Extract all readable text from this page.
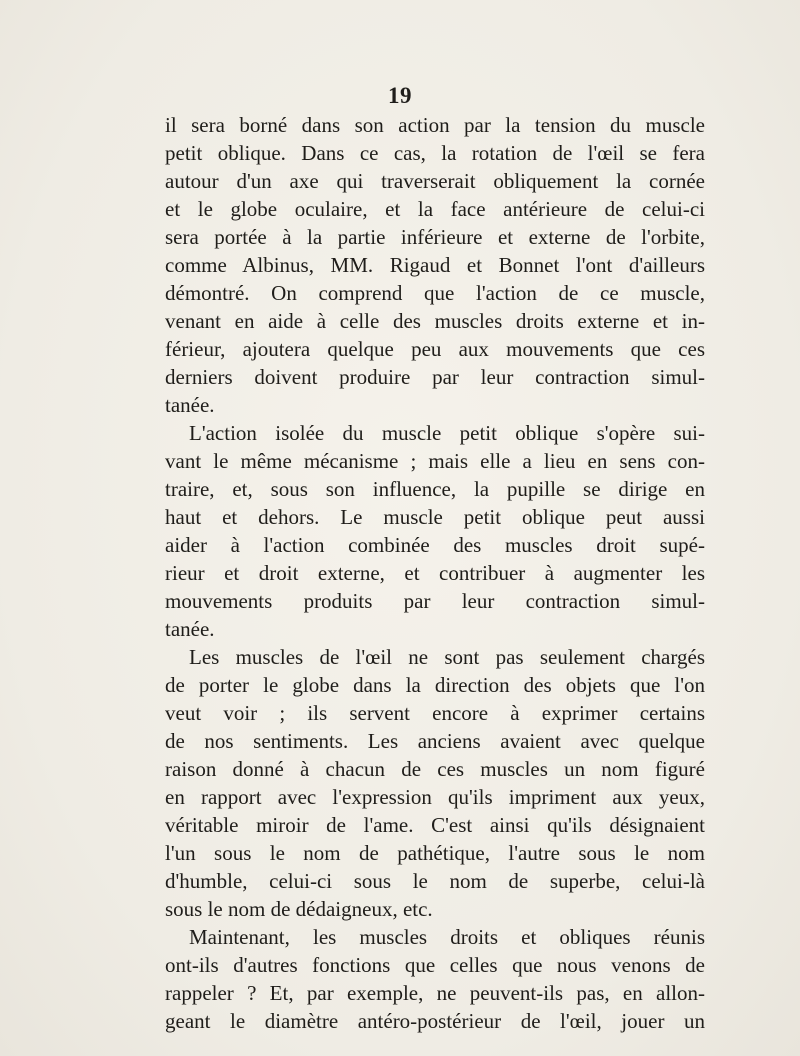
19
il sera borné dans son action par la tension du muscle
petit oblique. Dans ce cas, la rotation de l'œil se fera
autour d'un axe qui traverserait obliquement la cornée
et le globe oculaire, et la face antérieure de celui-ci
sera portée à la partie inférieure et externe de l'orbite,
comme Albinus, MM. Rigaud et Bonnet l'ont d'ailleurs
démontré. On comprend que l'action de ce muscle,
venant en aide à celle des muscles droits externe et in-
férieur, ajoutera quelque peu aux mouvements que ces
derniers doivent produire par leur contraction simul-
tanée.
L'action isolée du muscle petit oblique s'opère sui-
vant le même mécanisme ; mais elle a lieu en sens con-
traire, et, sous son influence, la pupille se dirige en
haut et dehors. Le muscle petit oblique peut aussi
aider à l'action combinée des muscles droit supé-
rieur et droit externe, et contribuer à augmenter les
mouvements produits par leur contraction simul-
tanée.
Les muscles de l'œil ne sont pas seulement chargés
de porter le globe dans la direction des objets que l'on
veut voir ; ils servent encore à exprimer certains
de nos sentiments. Les anciens avaient avec quelque
raison donné à chacun de ces muscles un nom figuré
en rapport avec l'expression qu'ils impriment aux yeux,
véritable miroir de l'ame. C'est ainsi qu'ils désignaient
l'un sous le nom de pathétique, l'autre sous le nom
d'humble, celui-ci sous le nom de superbe, celui-là
sous le nom de dédaigneux, etc.
Maintenant, les muscles droits et obliques réunis
ont-ils d'autres fonctions que celles que nous venons de
rappeler ? Et, par exemple, ne peuvent-ils pas, en allon-
geant le diamètre antéro-postérieur de l'œil, jouer un
